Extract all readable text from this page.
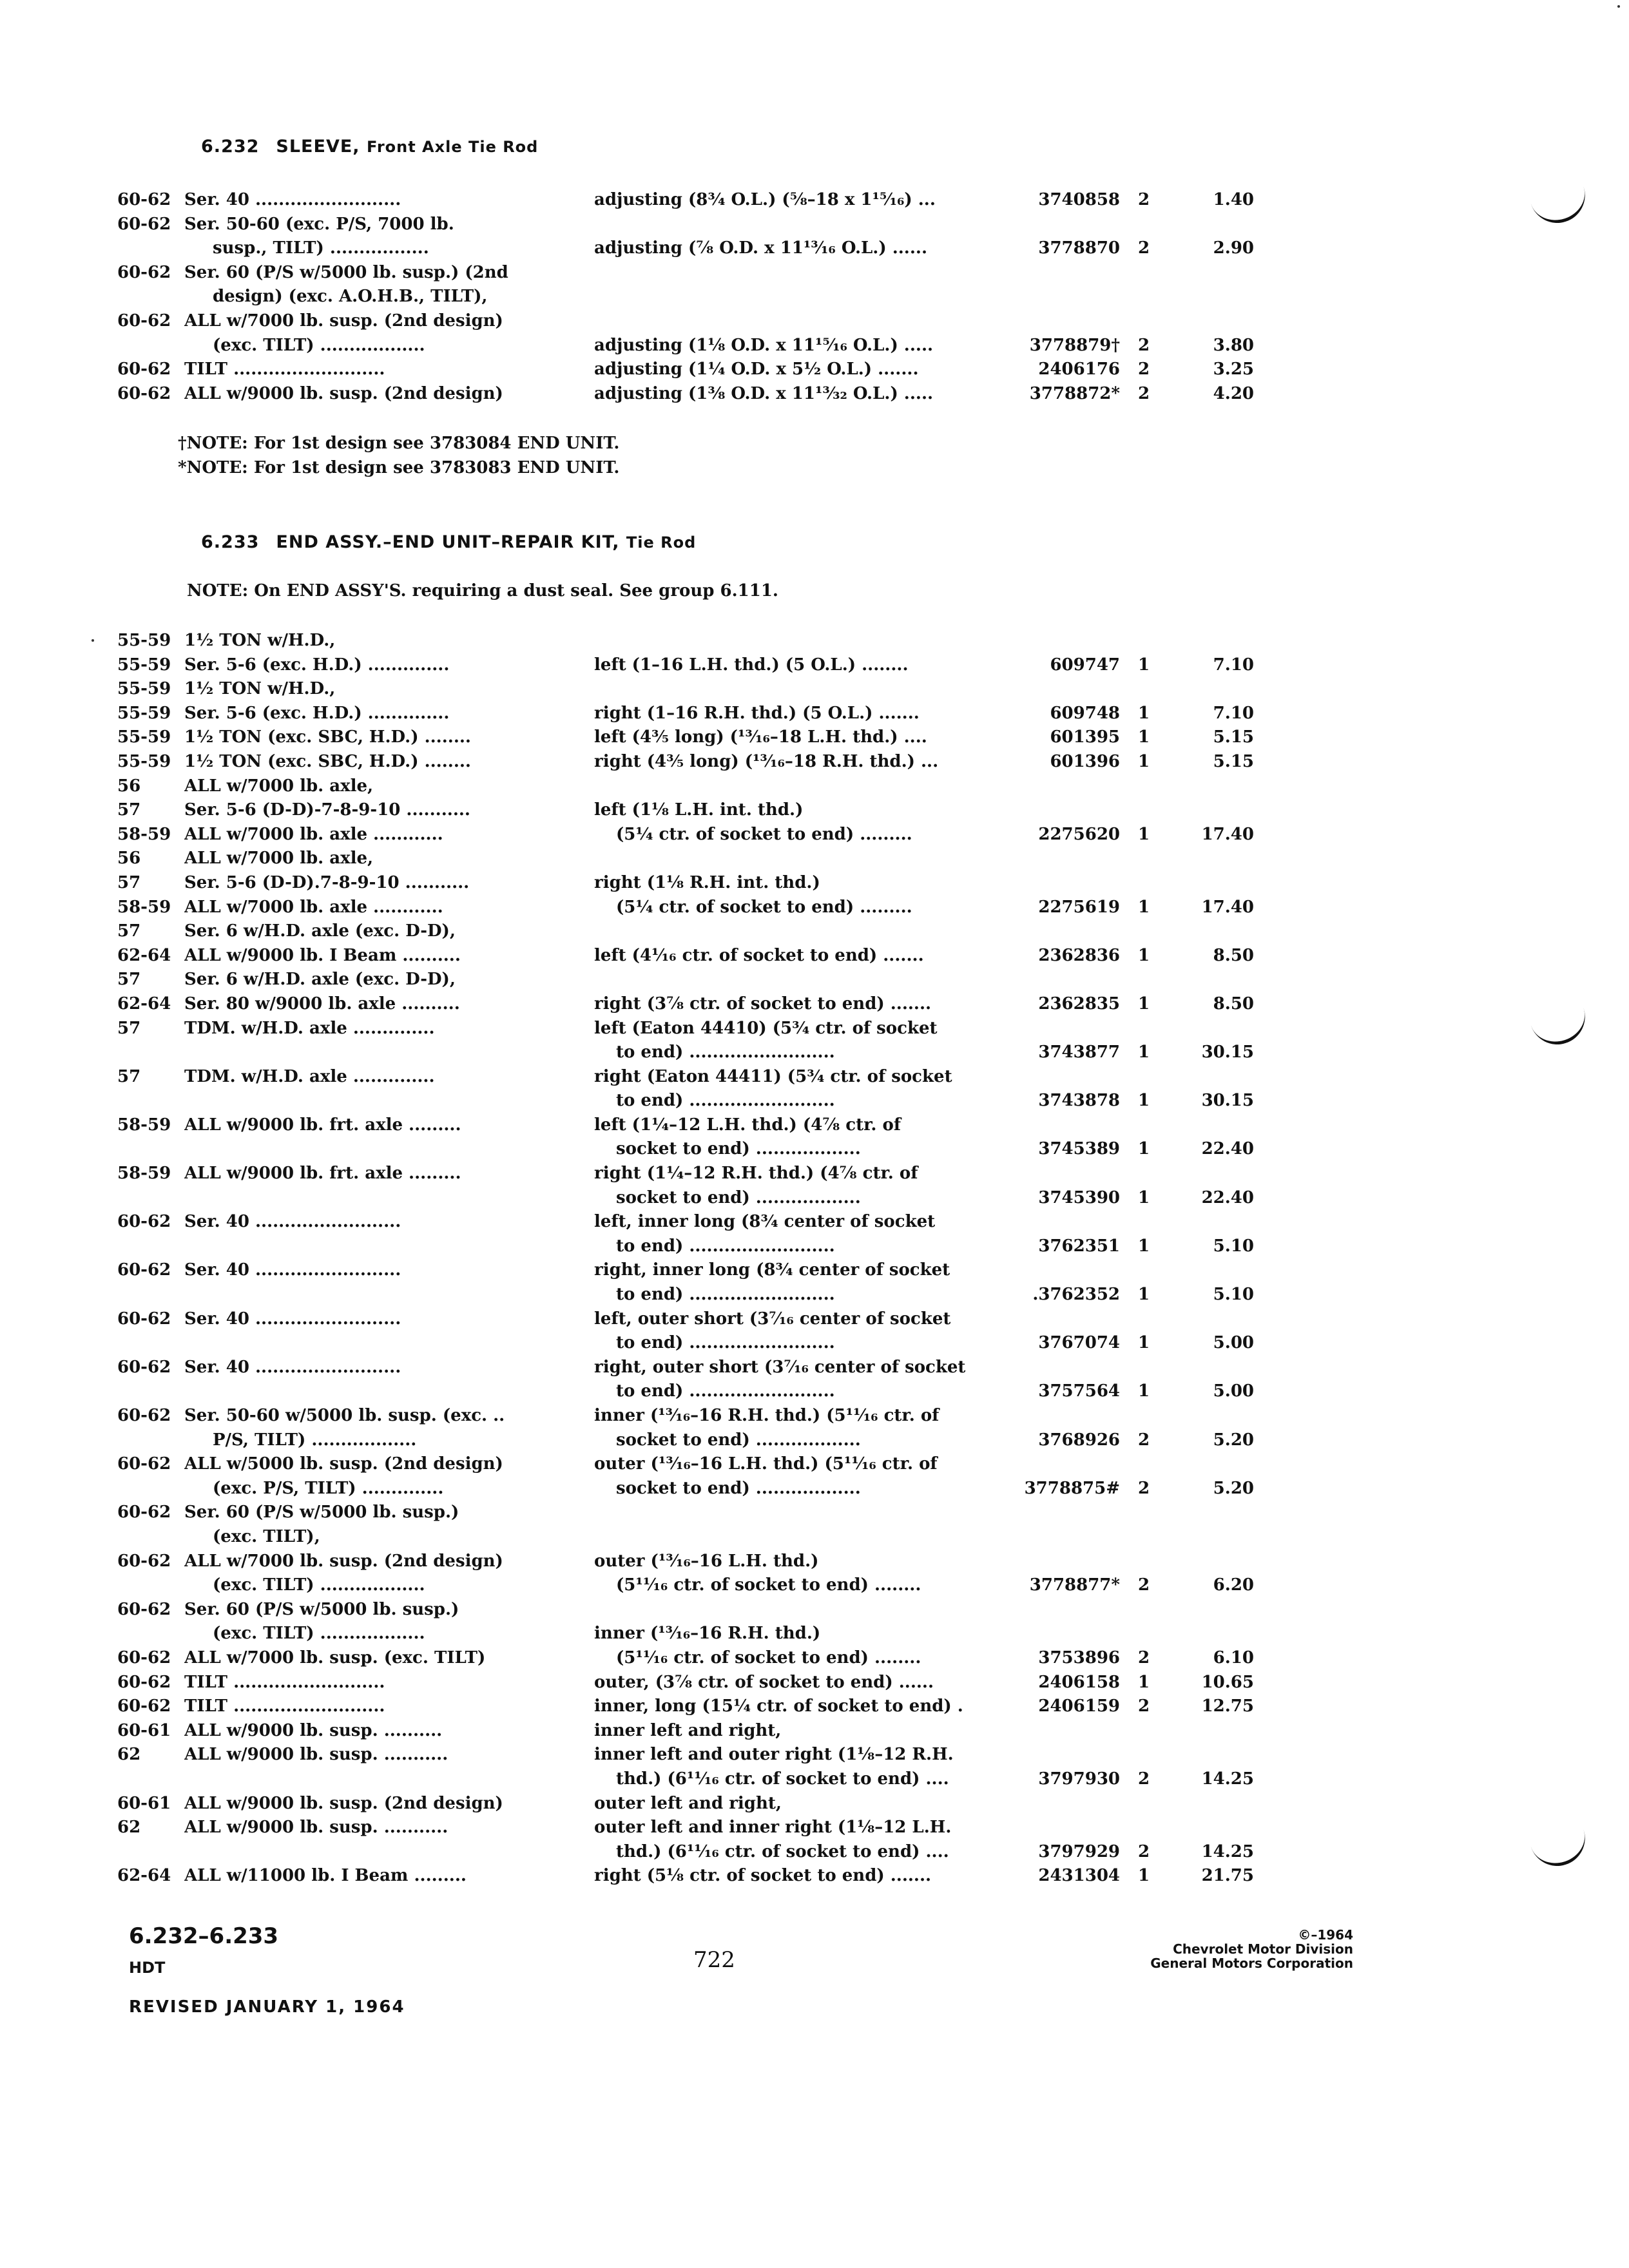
6.232 SLEEVE, Front Axle Tie Rod
60-62 Ser. 40 .........................	adjusting (8¾ O.L.) (⅝–18 x 1¹⁵⁄₁₆) ...	3740858	2	1.40
60-62 Ser. 50-60 (exc. P/S, 7000 lb.
susp., TILT) .................	adjusting (⅞ O.D. x 11¹³⁄₁₆ O.L.) ......	3778870	2	2.90
60-62 Ser. 60 (P/S w/5000 lb. susp.) (2nd
design) (exc. A.O.H.B., TILT),
60-62 ALL w/7000 lb. susp. (2nd design)
(exc. TILT) ..................	adjusting (1⅛ O.D. x 11¹⁵⁄₁₆ O.L.) .....	3778879†	2	3.80
60-62 TILT ..........................	adjusting (1¼ O.D. x 5½ O.L.) .......	2406176	2	3.25
60-62 ALL w/9000 lb. susp. (2nd design)	adjusting (1⅜ O.D. x 11¹³⁄₃₂ O.L.) .....	3778872*	2	4.20
†NOTE: For 1st design see 3783084 END UNIT.
*NOTE: For 1st design see 3783083 END UNIT.
6.233 END ASSY.–END UNIT–REPAIR KIT, Tie Rod
NOTE: On END ASSY'S. requiring a dust seal. See group 6.111.
55-59 1½ TON w/H.D.,
55-59 Ser. 5-6 (exc. H.D.) ..............	left (1–16 L.H. thd.) (5 O.L.) ........	609747	1	7.10
55-59 1½ TON w/H.D.,
55-59 Ser. 5-6 (exc. H.D.) ..............	right (1–16 R.H. thd.) (5 O.L.) .......	609748	1	7.10
55-59 1½ TON (exc. SBC, H.D.) ........	left (4⅗ long) (¹³⁄₁₆–18 L.H. thd.) ....	601395	1	5.15
55-59 1½ TON (exc. SBC, H.D.) ........	right (4⅗ long) (¹³⁄₁₆–18 R.H. thd.) ...	601396	1	5.15
56	ALL w/7000 lb. axle,
57	Ser. 5-6 (D-D)-7-8-9-10 ...........	left (1⅛ L.H. int. thd.)
58-59 ALL w/7000 lb. axle ............	(5¼ ctr. of socket to end) .........	2275620	1	17.40
56	ALL w/7000 lb. axle,
57	Ser. 5-6 (D-D).7-8-9-10 ...........	right (1⅛ R.H. int. thd.)
58-59 ALL w/7000 lb. axle ............	(5¼ ctr. of socket to end) .........	2275619	1	17.40
57	Ser. 6 w/H.D. axle (exc. D-D),
62-64 ALL w/9000 lb. I Beam ..........	left (4¹⁄₁₆ ctr. of socket to end) .......	2362836	1	8.50
57	Ser. 6 w/H.D. axle (exc. D-D),
62-64 Ser. 80 w/9000 lb. axle ..........	right (3⅞ ctr. of socket to end) .......	2362835	1	8.50
57	TDM. w/H.D. axle ..............	left (Eaton 44410) (5¾ ctr. of socket
to end) .........................	3743877	1	30.15
57	TDM. w/H.D. axle ..............	right (Eaton 44411) (5¾ ctr. of socket
to end) .........................	3743878	1	30.15
58-59 ALL w/9000 lb. frt. axle .........	left (1¼–12 L.H. thd.) (4⅞ ctr. of
socket to end) ..................	3745389	1	22.40
58-59 ALL w/9000 lb. frt. axle .........	right (1¼–12 R.H. thd.) (4⅞ ctr. of
socket to end) ..................	3745390	1	22.40
60-62 Ser. 40 .........................	left, inner long (8¾ center of socket
to end) .........................	3762351	1	5.10
60-62 Ser. 40 .........................	right, inner long (8¾ center of socket
to end) .........................	.3762352	1	5.10
60-62 Ser. 40 .........................	left, outer short (3⁷⁄₁₆ center of socket
to end) .........................	3767074	1	5.00
60-62 Ser. 40 .........................	right, outer short (3⁷⁄₁₆ center of socket
to end) .........................	3757564	1	5.00
60-62 Ser. 50-60 w/5000 lb. susp. (exc. ..	inner (¹³⁄₁₆–16 R.H. thd.) (5¹¹⁄₁₆ ctr. of
P/S, TILT) ..................	socket to end) ..................	3768926	2	5.20
60-62 ALL w/5000 lb. susp. (2nd design)	outer (¹³⁄₁₆–16 L.H. thd.) (5¹¹⁄₁₆ ctr. of
(exc. P/S, TILT) ..............	socket to end) ..................	3778875#	2	5.20
60-62 Ser. 60 (P/S w/5000 lb. susp.)
(exc. TILT),
60-62 ALL w/7000 lb. susp. (2nd design)	outer (¹³⁄₁₆–16 L.H. thd.)
(exc. TILT) ..................	(5¹¹⁄₁₆ ctr. of socket to end) ........	3778877*	2	6.20
60-62 Ser. 60 (P/S w/5000 lb. susp.)
(exc. TILT) ..................	inner (¹³⁄₁₆–16 R.H. thd.)
60-62 ALL w/7000 lb. susp. (exc. TILT)	(5¹¹⁄₁₆ ctr. of socket to end) ........	3753896	2	6.10
60-62 TILT ..........................	outer, (3⅞ ctr. of socket to end) ......	2406158	1	10.65
60-62 TILT ..........................	inner, long (15¼ ctr. of socket to end) .	2406159	2	12.75
60-61 ALL w/9000 lb. susp. ..........	inner left and right,
62	ALL w/9000 lb. susp. ...........	inner left and outer right (1⅛–12 R.H.
thd.) (6¹¹⁄₁₆ ctr. of socket to end) ....	3797930	2	14.25
60-61 ALL w/9000 lb. susp. (2nd design)	outer left and right,
62	ALL w/9000 lb. susp. ...........	outer left and inner right (1⅛–12 L.H.
thd.) (6¹¹⁄₁₆ ctr. of socket to end) ....	3797929	2	14.25
62-64 ALL w/11000 lb. I Beam .........	right (5⅛ ctr. of socket to end) .......	2431304	1	21.75
6.232–6.233
HDT	722
©–1964
Chevrolet Motor Division
General Motors Corporation
REVISED JANUARY 1, 1964
